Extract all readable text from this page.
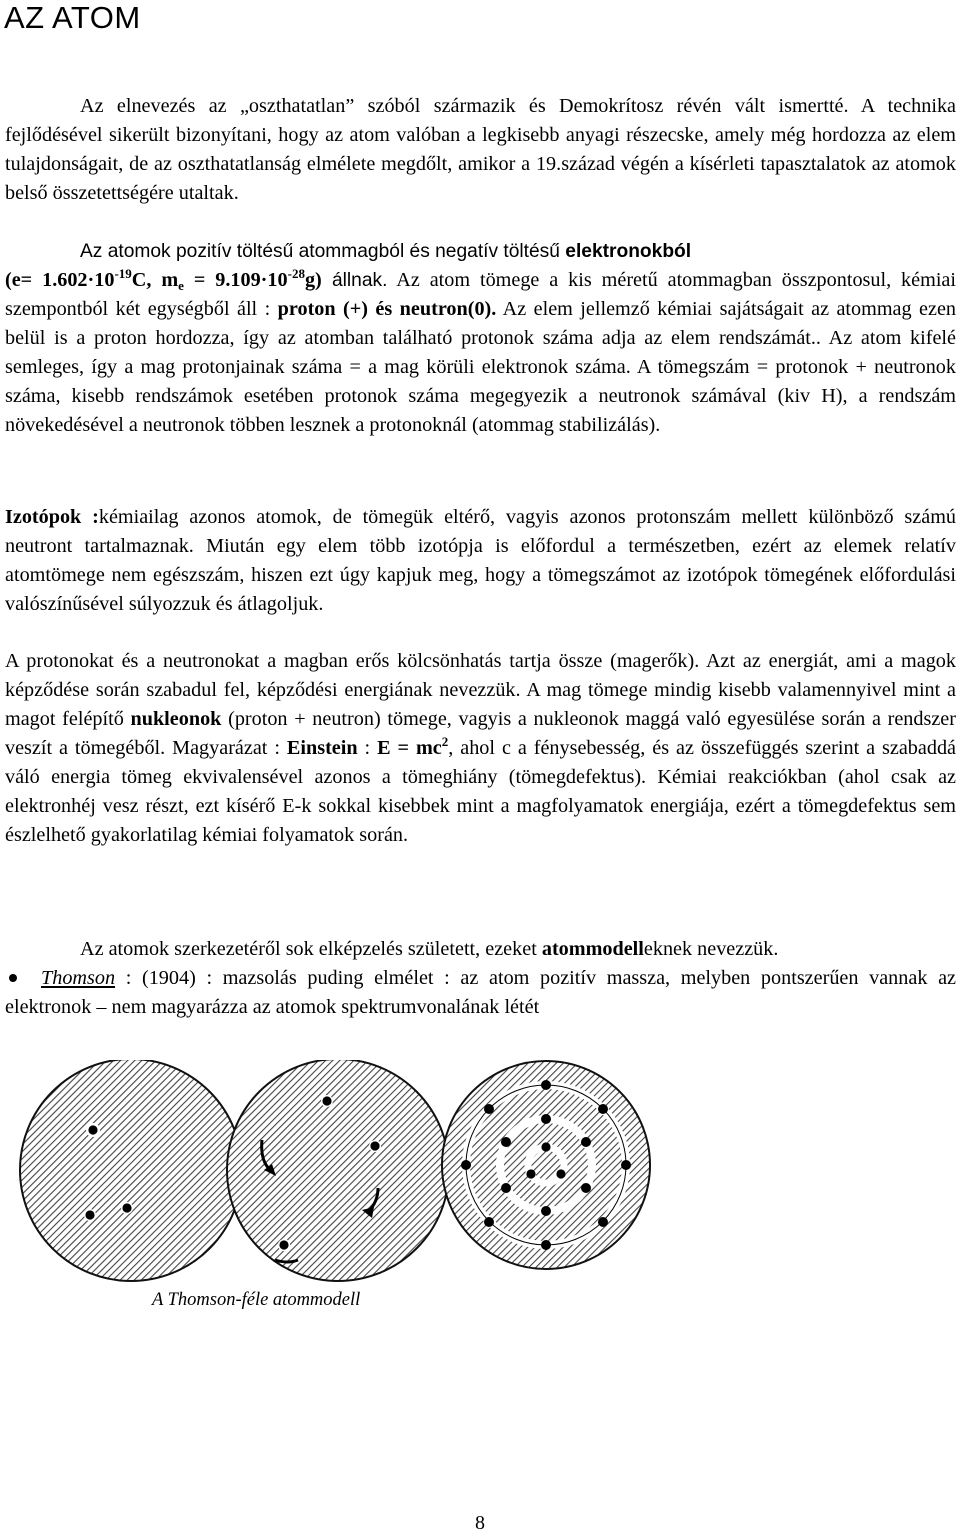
AZ ATOM

Az elnevezés az „oszthatatlan” szóból származik és Demokrítosz révén vált ismertté. A technika fejlődésével sikerült bizonyítani, hogy az atom valóban a legkisebb anyagi részecske, amely még hordozza az elem tulajdonságait, de az oszthatatlanság elmélete megdőlt, amikor a 19.század végén a kísérleti tapasztalatok az atomok belső összetettségére utaltak.

Az atomok pozitív töltésű atommagból és negatív töltésű elektronokból
($e= 1.602\cdot 10^{-19}C$, $m_e = 9.109\cdot 10^{-28}g$) állnak. Az atom tömege a kis méretű atommagban összpontosul, kémiai szempontból két egységből áll : proton (+) és neutron(0). Az elem jellemző kémiai sajátságait az atommag ezen belül is a proton hordozza, így az atomban található protonok száma adja az elem rendszámát.. Az atom kifelé semleges, így a mag protonjainak száma = a mag körüli elektronok száma. A tömegszám = protonok + neutronok száma, kisebb rendszámok esetében protonok száma megegyezik a neutronok számával (kiv H), a rendszám növekedésével a neutronok többen lesznek a protonoknál (atommag stabilizálás).

Izotópok :kémiailag azonos atomok, de tömegük eltérő, vagyis azonos protonszám mellett különböző számú neutront tartalmaznak. Miután egy elem több izotópja is előfordul a természetben, ezért az elemek relatív atomtömege nem egészszám, hiszen ezt úgy kapjuk meg, hogy a tömegszámot az izotópok tömegének előfordulási valószínűsével súlyozzuk és átlagoljuk.

A protonokat és a neutronokat a magban erős kölcsönhatás tartja össze (magerők). Azt az energiát, ami a magok képződése során szabadul fel, képződési energiának nevezzük. A mag tömege mindig kisebb valamennyivel mint a magot felépítő nukleonok (proton + neutron) tömege, vagyis a nukleonok maggá való egyesülése során a rendszer veszít a tömegéből. Magyarázat : Einstein : $E = mc^2$, ahol c a fénysebesség, és az összefüggés szerint a szabaddá váló energia tömeg ekvivalensével azonos a tömeghiány (tömegdefektus). Kémiai reakciókban (ahol csak az elektronhéj vesz részt, ezt kísérő E-k sokkal kisebbek mint a magfolyamatok energiája, ezért a tömegdefektus sem észlelhető gyakorlatilag kémiai folyamatok során.

Az atomok szerkezetéről sok elképzelés született, ezeket atommodelleknek nevezzük.

Thomson : (1904) : mazsolás puding elmélet : az atom pozitív massza, melyben pontszerűen vannak az elektronok – nem magyarázza az atomok spektrumvonalának létét

A Thomson-féle atommodell

8
